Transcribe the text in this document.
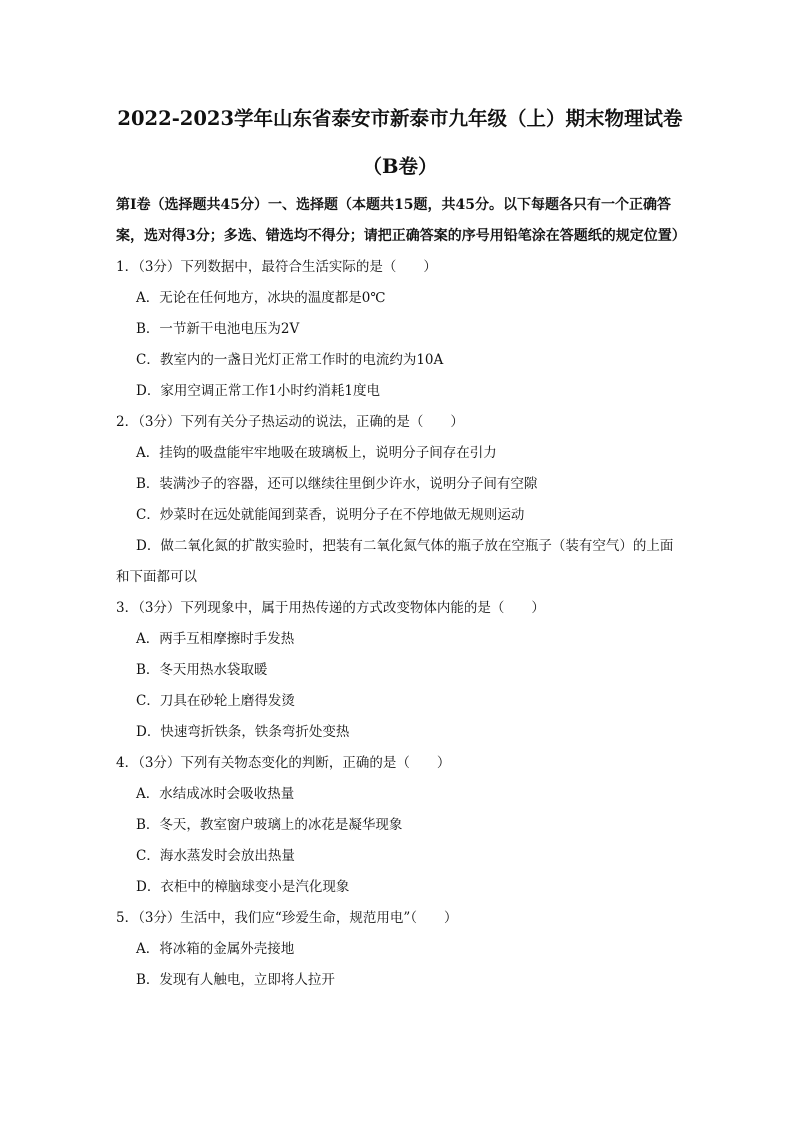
2022-2023学年山东省泰安市新泰市九年级（上）期末物理试卷
（B卷）
第Ⅰ卷（选择题共45分）一、选择题（本题共15题，共45分。以下每题各只有一个正确答案，选对得3分；多选、错选均不得分；请把正确答案的序号用铅笔涂在答题纸的规定位置）
1．（3分）下列数据中，最符合生活实际的是（　　）
A．无论在任何地方，冰块的温度都是0℃
B．一节新干电池电压为2V
C．教室内的一盏日光灯正常工作时的电流约为10A
D．家用空调正常工作1小时约消耗1度电
2．（3分）下列有关分子热运动的说法，正确的是（　　）
A．挂钩的吸盘能牢牢地吸在玻璃板上，说明分子间存在引力
B．装满沙子的容器，还可以继续往里倒少许水，说明分子间有空隙
C．炒菜时在远处就能闻到菜香，说明分子在不停地做无规则运动
D．做二氧化氮的扩散实验时，把装有二氧化氮气体的瓶子放在空瓶子（装有空气）的上面和下面都可以
3．（3分）下列现象中，属于用热传递的方式改变物体内能的是（　　）
A．两手互相摩擦时手发热
B．冬天用热水袋取暖
C．刀具在砂轮上磨得发烫
D．快速弯折铁条，铁条弯折处变热
4．（3分）下列有关物态变化的判断，正确的是（　　）
A．水结成冰时会吸收热量
B．冬天，教室窗户玻璃上的冰花是凝华现象
C．海水蒸发时会放出热量
D．衣柜中的樟脑球变小是汽化现象
5．（3分）生活中，我们应“珍爱生命，规范用电”（　　）
A．将冰箱的金属外壳接地
B．发现有人触电，立即将人拉开
